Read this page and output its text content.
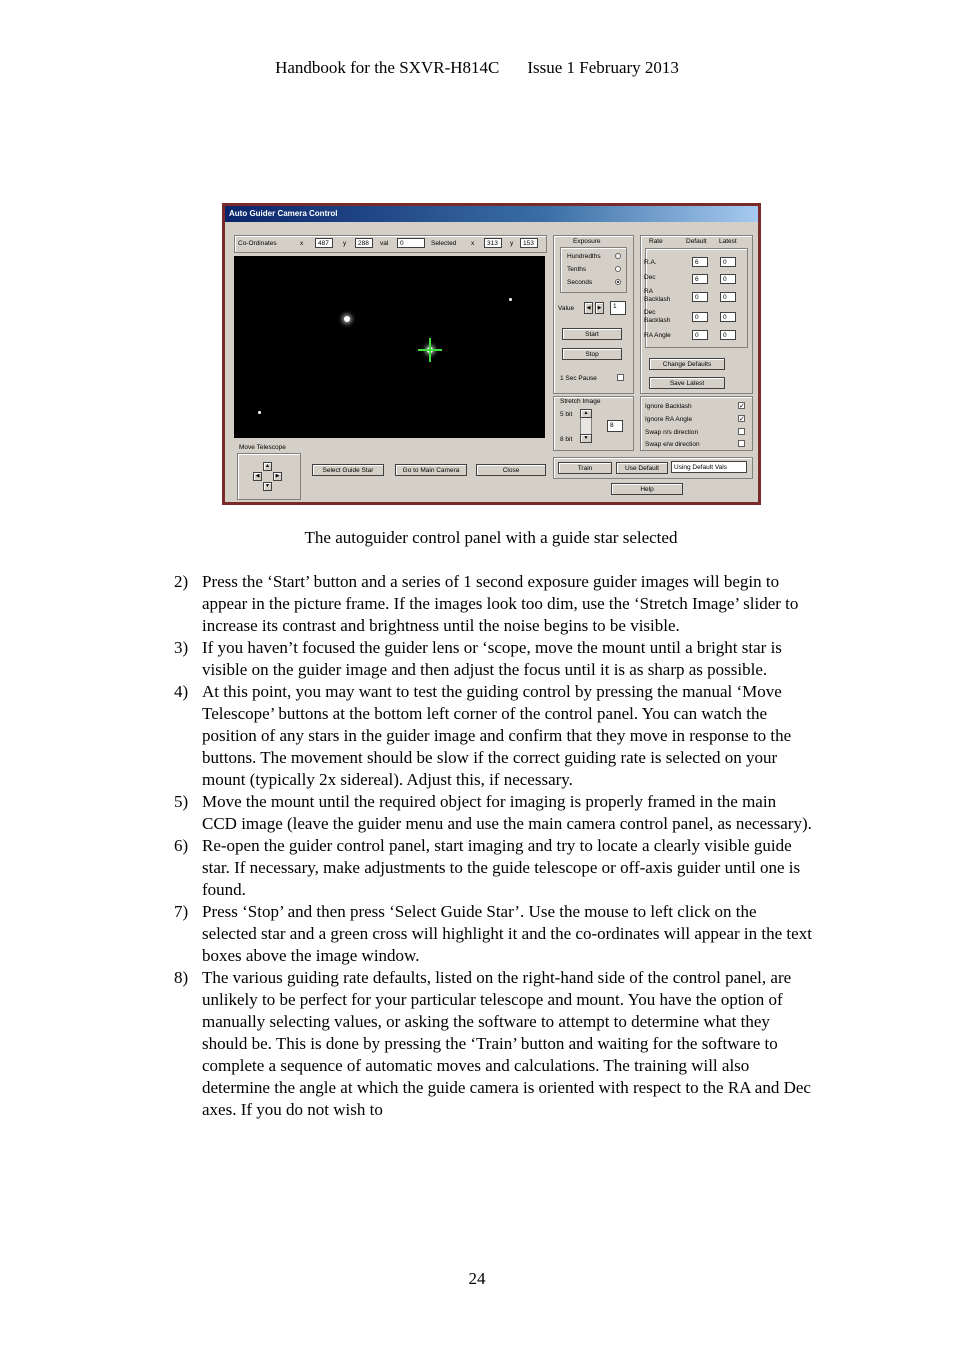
Handbook for the SXVR-H814C Issue 1 February 2013
Auto Guider Camera Control
Co-Ordinates	x	487	y	288	val	0	Selected x	313	y	153
Move Telescope
▲
▼
◀	▶
Select Guide Star	Go to Main Camera	Close
Exposure
Hundredths
Tenths
Seconds
Value	◀	▶	1
Start
Stop
1 Sec Pause
Stretch Image
5 bit
8 bit
▲
▼
8
Rate	Default Latest
R.A.	6	0
Dec	6	0
RA Backlash	0	0
Dec Backlash	0	0
RA Angle	0	0
Change Defaults
Save Latest
Ignore Backlash	✓
Ignore RA Angle	✓
Swap n/s direction
Swap e/w direction
Train	Use Default	Using Default Vals
Help
The autoguider control panel with a guide star selected
2) Press the ‘Start’ button and a series of 1 second exposure guider images will begin to appear in the picture frame. If the images look too dim, use the ‘Stretch Image’ slider to increase its contrast and brightness until the noise begins to be visible.
3) If you haven’t focused the guider lens or ‘scope, move the mount until a bright star is visible on the guider image and then adjust the focus until it is as sharp as possible.
4) At this point, you may want to test the guiding control by pressing the manual ‘Move Telescope’ buttons at the bottom left corner of the control panel. You can watch the position of any stars in the guider image and confirm that they move in response to the buttons. The movement should be slow if the correct guiding rate is selected on your mount (typically 2x sidereal). Adjust this, if necessary.
5) Move the mount until the required object for imaging is properly framed in the main CCD image (leave the guider menu and use the main camera control panel, as necessary).
6) Re-open the guider control panel, start imaging and try to locate a clearly visible guide star. If necessary, make adjustments to the guide telescope or off-axis guider until one is found.
7) Press ‘Stop’ and then press ‘Select Guide Star’. Use the mouse to left click on the selected star and a green cross will highlight it and the co-ordinates will appear in the text boxes above the image window.
8) The various guiding rate defaults, listed on the right-hand side of the control panel, are unlikely to be perfect for your particular telescope and mount. You have the option of manually selecting values, or asking the software to attempt to determine what they should be. This is done by pressing the ‘Train’ button and waiting for the software to complete a sequence of automatic moves and calculations. The training will also determine the angle at which the guide camera is oriented with respect to the RA and Dec axes. If you do not wish to
24
